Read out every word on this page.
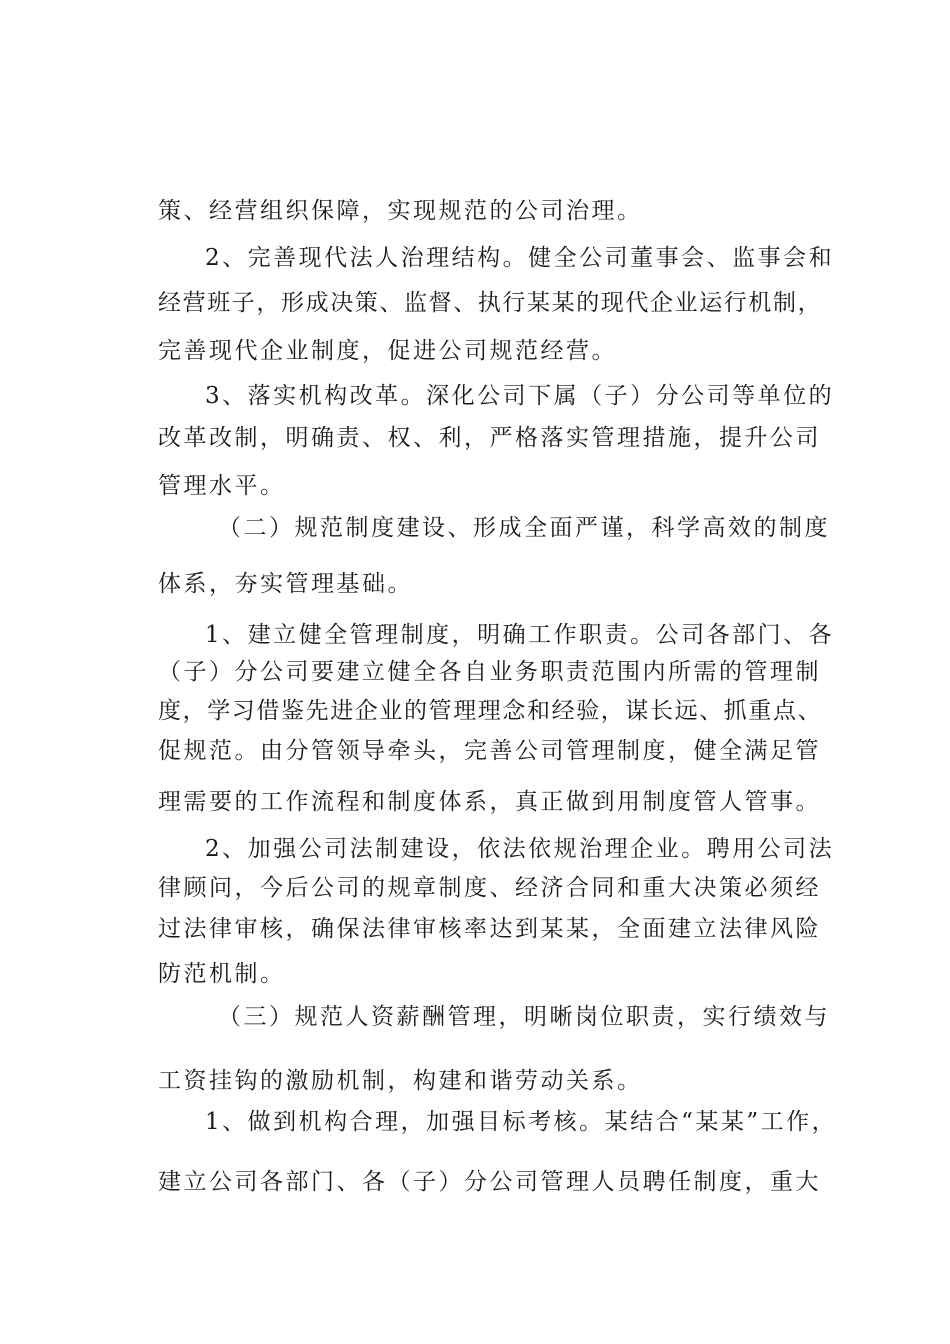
策、经营组织保障，实现规范的公司治理。
2、完善现代法人治理结构。健全公司董事会、监事会和
经营班子，形成决策、监督、执行某某的现代企业运行机制，
完善现代企业制度，促进公司规范经营。
3、落实机构改革。深化公司下属（子）分公司等单位的
改革改制，明确责、权、利，严格落实管理措施，提升公司
管理水平。
（二）规范制度建设、形成全面严谨，科学高效的制度
体系，夯实管理基础。
1、建立健全管理制度，明确工作职责。公司各部门、各
（子）分公司要建立健全各自业务职责范围内所需的管理制
度，学习借鉴先进企业的管理理念和经验，谋长远、抓重点、
促规范。由分管领导牵头，完善公司管理制度，健全满足管
理需要的工作流程和制度体系，真正做到用制度管人管事。
2、加强公司法制建设，依法依规治理企业。聘用公司法
律顾问，今后公司的规章制度、经济合同和重大决策必须经
过法律审核，确保法律审核率达到某某，全面建立法律风险
防范机制。
（三）规范人资薪酬管理，明晰岗位职责，实行绩效与
工资挂钩的激励机制，构建和谐劳动关系。
1、做到机构合理，加强目标考核。某结合“某某”工作，
建立公司各部门、各（子）分公司管理人员聘任制度，重大
